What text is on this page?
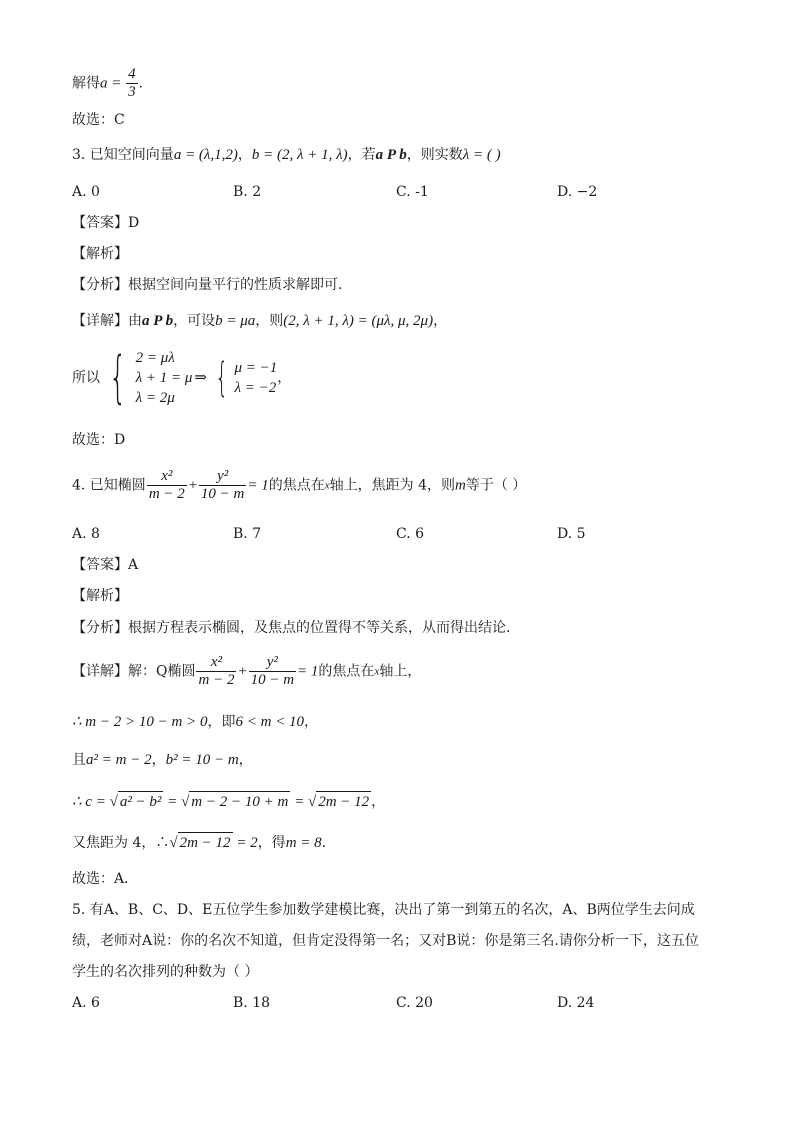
解得$a = \frac{4}{3}$ .
故选：C
3. 已知空间向量a = (λ,1,2)，b = (2, λ + 1, λ)，若a P b，则实数λ = ( )
A. 0	B. 2	C. -1	D. −2
【答案】D
【解析】
【分析】根据空间向量平行的性质求解即可.
【详解】由a P b，可设b = μa，则(2, λ + 1, λ) = (μλ, μ, 2μ)，
所以 { 2 = μλ
λ + 1 = μ
λ = 2μ
⇒ { μ = −1
λ = −2
，
故选：D
4. 已知椭圆 $\frac{\text{x²}}{m - 2} + \frac{\text{y²}}{10 - m} = 1$的焦点在x轴上，焦距为 4，则m等于（ ）
A. 8	B. 7	C. 6	D. 5
【答案】A
【解析】
【分析】根据方程表示椭圆，及焦点的位置得不等关系，从而得出结论．
【详解】解：Q椭圆 $\frac{\text{x²}}{m - 2} + \frac{\text{y²}}{10 - m} = 1$的焦点在x轴上，
∴ m − 2 > 10 − m > 0，即6 < m < 10，
且a² = m − 2，b² = 10 − m，
∴ c = √ a² − b² = √ m − 2 − 10 + m = √ 2m − 12 ，
又焦距为 4，∴√ 2m − 12 = 2，得m = 8．
故选：A．
5. 有A、B、C、D、E五位学生参加数学建模比赛，决出了第一到第五的名次，A、B两位学生去问成
绩，老师对A说：你的名次不知道，但肯定没得第一名；又对B说：你是第三名.请你分析一下，这五位
学生的名次排列的种数为（ ）
A. 6	B. 18	C. 20	D. 24
